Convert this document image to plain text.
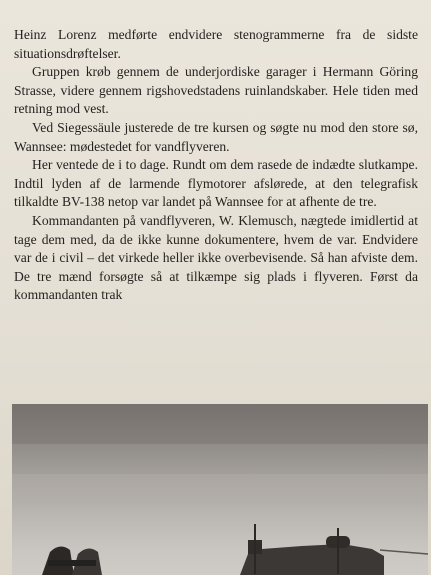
Heinz Lorenz medførte endvidere stenogrammerne fra de sidste situationsdrøftelser.

Gruppen krøb gennem de underjordiske garager i Hermann Göring Strasse, videre gennem rigshovedstadens ruinlandskaber. Hele tiden med retning mod vest.

Ved Siegessäule justerede de tre kursen og søgte nu mod den store sø, Wannsee: mødestedet for vandflyveren.

Her ventede de i to dage. Rundt om dem rasede de indædte slutkampe. Indtil lyden af de larmende flymotorer afslørede, at den telegrafisk tilkaldte BV-138 netop var landet på Wannsee for at afhente de tre.

Kommandanten på vandflyveren, W. Klemusch, nægtede imidlertid at tage dem med, da de ikke kunne dokumentere, hvem de var. Endvidere var de i civil – det virkede heller ikke overbevisende. Så han afviste dem. De tre mænd forsøgte så at tilkæmpe sig plads i flyveren. Først da kommandanten trak
